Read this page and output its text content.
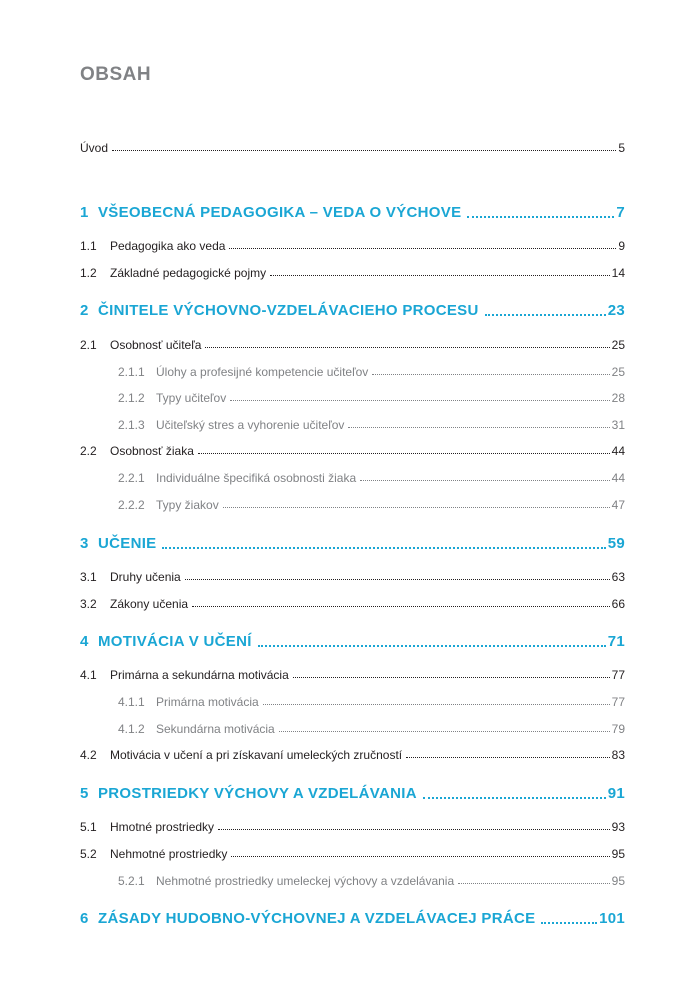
OBSAH
Úvod	5
1 VŠEOBECNÁ PEDAGOGIKA – VEDA O VÝCHOVE	7
1.1	Pedagogika ako veda	9
1.2	Základné pedagogické pojmy	14
2 ČINITELE VÝCHOVNO-VZDELÁVACIEHO PROCESU	23
2.1	Osobnosť učiteľa	25
2.1.1 Úlohy a profesijné kompetencie učiteľov	25
2.1.2 Typy učiteľov	28
2.1.3 Učiteľský stres a vyhorenie učiteľov	31
2.2	Osobnosť žiaka	44
2.2.1 Individuálne špecifiká osobnosti žiaka	44
2.2.2 Typy žiakov	47
3 UČENIE	59
3.1	Druhy učenia	63
3.2	Zákony učenia	66
4 MOTIVÁCIA V UČENÍ	71
4.1	Primárna a sekundárna motivácia	77
4.1.1 Primárna motivácia	77
4.1.2 Sekundárna motivácia	79
4.2	Motivácia v učení a pri získavaní umeleckých zručností	83
5 PROSTRIEDKY VÝCHOVY A VZDELÁVANIA	91
5.1	Hmotné prostriedky	93
5.2	Nehmotné prostriedky	95
5.2.1 Nehmotné prostriedky umeleckej výchovy a vzdelávania	95
6 ZÁSADY HUDOBNO-VÝCHOVNEJ A VZDELÁVACEJ PRÁCE	101
